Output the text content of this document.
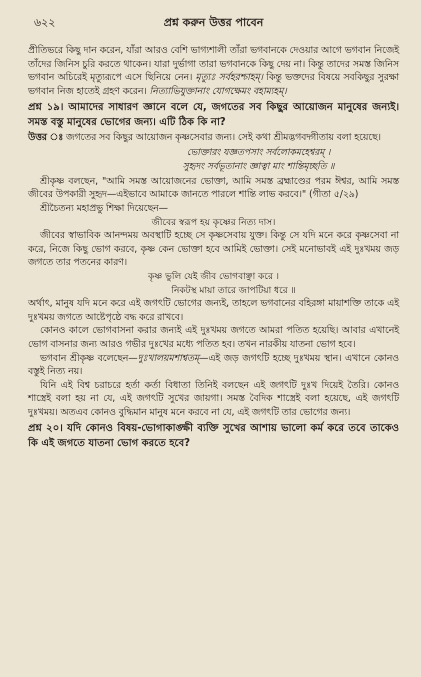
৬২২	প্রশ্ন করুন উত্তর পাবেন

প্রীতিভরে কিছু দান করেন, যাঁরা আরও বেশি ভাগ্যশালী তাঁরা ভগবানকে দেওয়ার আগে ভগবান নিজেই তাঁদের জিনিস চুরি করতে থাকেন। যারা দুর্ভাগা তারা ভগবানকে কিছু দেয় না। কিন্তু তাদের সমস্ত জিনিস ভগবান অচিরেই মৃত্যুরূপে এসে ছিনিয়ে নেন। মৃত্যুঃ সর্বহরশ্চাহম্। কিন্তু ভক্তদের বিষয়ে সবকিছুর সুরক্ষা ভগবান নিজ হাতেই গ্রহণ করেন। নিত্যাভিযুক্তানাং যোগক্ষেমং বহাম্যহম্।

প্রশ্ন ১৯। আমাদের সাধারণ জ্ঞানে বলে যে, জগতের সব কিছুর আয়োজন মানুষের জন্যই। সমস্ত বস্তু মানুষের ভোগের জন্য। এটি ঠিক কি না?

উত্তর ঃ জগতের সব কিছুর আয়োজন কৃষ্ণসেবার জন্য। সেই কথা শ্রীমদ্ভগবদ্গীতায় বলা হয়েছে।

ভোক্তারং যজ্ঞতপসাং সর্বলোকমহেশ্বরম্ ।
সুহৃদং সর্বভূতানাং জ্ঞাত্বা মাং শান্তিমৃচ্ছতি ॥

শ্রীকৃষ্ণ বলছেন, "আমি সমস্ত আয়োজনের ভোক্তা, আমি সমস্ত ব্রহ্মাণ্ডের পরম ঈশ্বর, আমি সমস্ত জীবের উপকারী সুহৃদ—এইভাবে আমাকে জানতে পারলে শান্তি লাভ করবে।" (গীতা ৫/২৯)

শ্রীচৈতন্য মহাপ্রভু শিক্ষা দিয়েছেন—

জীবের স্বরূপ হয় কৃষ্ণের নিত্য দাস।

জীবের স্বাভাবিক আনন্দময় অবস্থাটি হচ্ছে সে কৃষ্ণসেবায় যুক্ত। কিন্তু সে যদি মনে করে কৃষ্ণসেবা না করে, নিজে কিছু ভোগ করবে, কৃষ্ণ কেন ভোক্তা হবে আমিই ভোক্তা। সেই মনোভাবই এই দুঃখময় জড় জগতে তার পতনের কারণ।

কৃষ্ণ ভুলি যেই জীব ভোগবাঞ্ছা করে ।
নিকটস্থ মায়া তারে জাপটিয়া ধরে ॥

অর্থাৎ, মানুষ যদি মনে করে এই জগৎটি ভোগের জন্যই, তাহলে ভগবানের বহিরঙ্গা মায়াশক্তি তাকে এই দুঃখময় জগতে আষ্টেপৃষ্ঠে বদ্ধ করে রাখবে।

কোনও কালে ভোগবাসনা করার জন্যই এই দুঃখময় জগতে আমরা পতিত হয়েছি। আবার এখানেই ভোগ বাসনার জন্য আরও গভীর দুঃখের মধ্যে পতিত হব। তখন নারকীয় যাতনা ভোগ হবে।

ভগবান শ্রীকৃষ্ণ বলেছেন—দুঃখালয়মশাশ্বতম্—এই জড় জগৎটি হচ্ছে দুঃখময় স্থান। এখানে কোনও বস্তুই নিত্য নয়।

যিনি এই বিশ্ব চরাচরে হর্তা কর্তা বিধাতা তিনিই বলছেন এই জগৎটি দুঃখ দিয়েই তৈরি। কোনও শাস্ত্রেই বলা হয় না যে, এই জগৎটি সুখের জায়গা। সমস্ত বৈদিক শাস্ত্রেই বলা হয়েছে, এই জগৎটি দুঃখময়। অতএব কোনও বুদ্ধিমান মানুষ মনে করবে না যে, এই জগৎটি তার ভোগের জন্য।

প্রশ্ন ২০। যদি কোনও বিষয়-ভোগাকাঙ্ক্ষী ব্যক্তি সুখের আশায় ভালো কর্ম করে তবে তাকেও কি এই জগতে যাতনা ভোগ করতে হবে?
